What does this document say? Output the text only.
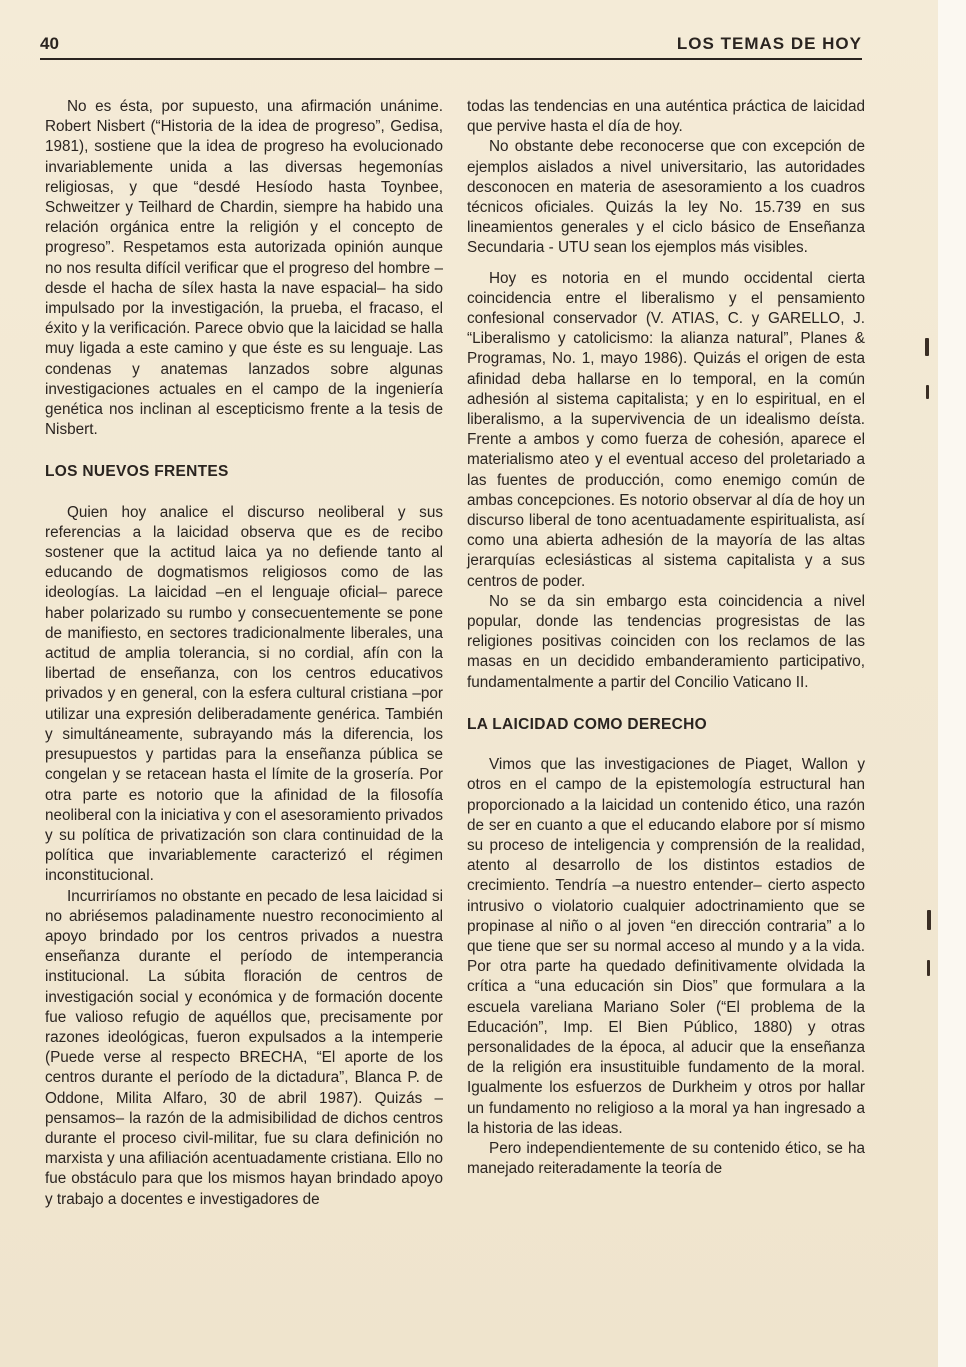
40	LOS TEMAS DE HOY

No es ésta, por supuesto, una afirmación unánime. Robert Nisbert (“Historia de la idea de progreso”, Gedisa, 1981), sostiene que la idea de progreso ha evolucionado invariablemente unida a las diversas hegemonías religiosas, y que “desdé Hesíodo hasta Toynbee, Schweitzer y Teilhard de Chardin, siempre ha habido una relación orgánica entre la religión y el concepto de progreso”. Respetamos esta autorizada opinión aunque no nos resulta difícil verificar que el progreso del hombre –desde el hacha de sílex hasta la nave espacial– ha sido impulsado por la investigación, la prueba, el fracaso, el éxito y la verificación. Parece obvio que la laicidad se halla muy ligada a este camino y que éste es su lenguaje. Las condenas y anatemas lanzados sobre algunas investigaciones actuales en el campo de la ingeniería genética nos inclinan al escepticismo frente a la tesis de Nisbert.

LOS NUEVOS FRENTES

Quien hoy analice el discurso neoliberal y sus referencias a la laicidad observa que es de recibo sostener que la actitud laica ya no defiende tanto al educando de dogmatismos religiosos como de las ideologías. La laicidad –en el lenguaje oficial– parece haber polarizado su rumbo y consecuentemente se pone de manifiesto, en sectores tradicionalmente liberales, una actitud de amplia tolerancia, si no cordial, afín con la libertad de enseñanza, con los centros educativos privados y en general, con la esfera cultural cristiana –por utilizar una expresión deliberadamente genérica. También y simultáneamente, subrayando más la diferencia, los presupuestos y partidas para la enseñanza pública se congelan y se retacean hasta el límite de la grosería. Por otra parte es notorio que la afinidad de la filosofía neoliberal con la iniciativa y con el asesoramiento privados y su política de privatización son clara continuidad de la política que invariablemente caracterizó el régimen inconstitucional.

Incurriríamos no obstante en pecado de lesa laicidad si no abriésemos paladinamente nuestro reconocimiento al apoyo brindado por los centros privados a nuestra enseñanza durante el período de intemperancia institucional. La súbita floración de centros de investigación social y económica y de formación docente fue valioso refugio de aquéllos que, precisamente por razones ideológicas, fueron expulsados a la intemperie (Puede verse al respecto BRECHA, “El aporte de los centros durante el período de la dictadura”, Blanca P. de Oddone, Milita Alfaro, 30 de abril 1987). Quizás –pensamos– la razón de la admisibilidad de dichos centros durante el proceso civil-militar, fue su clara definición no marxista y una afiliación acentuadamente cristiana. Ello no fue obstáculo para que los mismos hayan brindado apoyo y trabajo a docentes e investigadores de

todas las tendencias en una auténtica práctica de laicidad que pervive hasta el día de hoy.

No obstante debe reconocerse que con excepción de ejemplos aislados a nivel universitario, las autoridades desconocen en materia de asesoramiento a los cuadros técnicos oficiales. Quizás la ley No. 15.739 en sus lineamientos generales y el ciclo básico de Enseñanza Secundaria - UTU sean los ejemplos más visibles.

Hoy es notoria en el mundo occidental cierta coincidencia entre el liberalismo y el pensamiento confesional conservador (V. ATIAS, C. y GARELLO, J. “Liberalismo y catolicismo: la alianza natural”, Planes & Programas, No. 1, mayo 1986). Quizás el origen de esta afinidad deba hallarse en lo temporal, en la común adhesión al sistema capitalista; y en lo espiritual, en el liberalismo, a la supervivencia de un idealismo deísta. Frente a ambos y como fuerza de cohesión, aparece el materialismo ateo y el eventual acceso del proletariado a las fuentes de producción, como enemigo común de ambas concepciones. Es notorio observar al día de hoy un discurso liberal de tono acentuadamente espiritualista, así como una abierta adhesión de la mayoría de las altas jerarquías eclesiásticas al sistema capitalista y a sus centros de poder.

No se da sin embargo esta coincidencia a nivel popular, donde las tendencias progresistas de las religiones positivas coinciden con los reclamos de las masas en un decidido embanderamiento participativo, fundamentalmente a partir del Concilio Vaticano II.

LA LAICIDAD COMO DERECHO

Vimos que las investigaciones de Piaget, Wallon y otros en el campo de la epistemología estructural han proporcionado a la laicidad un contenido ético, una razón de ser en cuanto a que el educando elabore por sí mismo su proceso de inteligencia y comprensión de la realidad, atento al desarrollo de los distintos estadios de crecimiento. Tendría –a nuestro entender– cierto aspecto intrusivo o violatorio cualquier adoctrinamiento que se propinase al niño o al joven “en dirección contraria” a lo que tiene que ser su normal acceso al mundo y a la vida. Por otra parte ha quedado definitivamente olvidada la crítica a “una educación sin Dios” que formulara a la escuela vareliana Mariano Soler (“El problema de la Educación”, Imp. El Bien Público, 1880) y otras personalidades de la época, al aducir que la enseñanza de la religión era insustituible fundamento de la moral. Igualmente los esfuerzos de Durkheim y otros por hallar un fundamento no religioso a la moral ya han ingresado a la historia de las ideas.

Pero independientemente de su contenido ético, se ha manejado reiteradamente la teoría de
